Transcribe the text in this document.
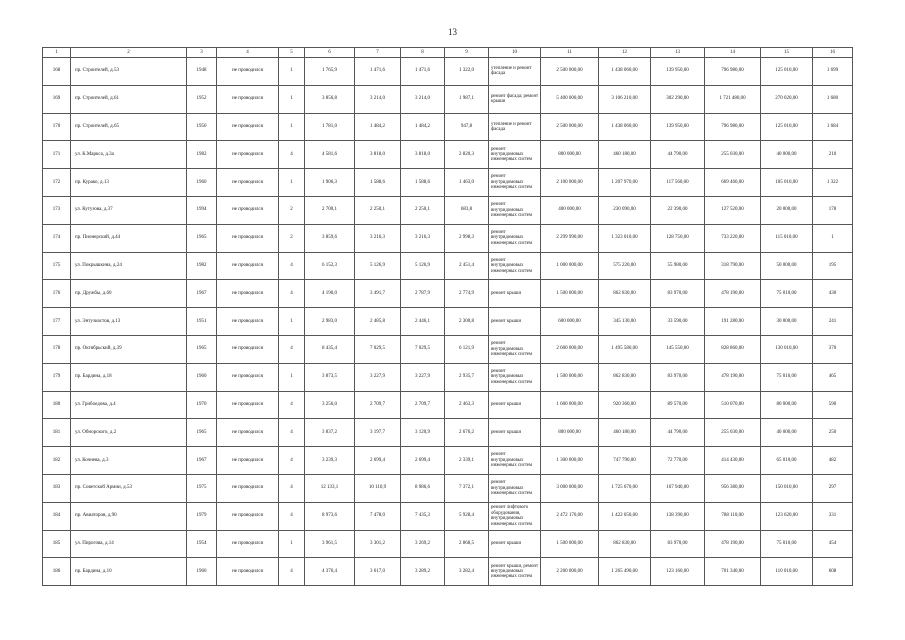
13
1	2	3	4	5	6	7	8	9	10	11	12	13	14	15	16
168	пр. Строителей, д.53	1948	не проводился	1	1 765,9	1 471,6	1 471,6	1 322,0	утепление и ремонт фасада	2 500 000,00	1 438 060,00	139 950,00	796 980,00	125 010,00	1 699
169	пр. Строителей, д.61	1952	не проводился	1	3 856,8	3 214,0	3 214,0	1 987,1	ремонт фасада; ремонт крыши	5 400 000,00	3 106 210,00	302 290,00	1 721 480,00	270 020,00	1 680
170	пр. Строителей, д.65	1950	не проводился	1	1 781,0	1 484,2	1 484,2	947,8	утепление и ремонт фасада	2 500 000,00	1 438 060,00	139 950,00	796 980,00	125 010,00	1 684
171	ул. К.Маркса, д.3а	1982	не проводился	4	4 581,6	3 818,0	3 818,0	2 820,3	ремонт внутридомовых инженерных систем	800 000,00	460 180,00	44 790,00	255 030,00	40 000,00	210
172	пр. Курако, д.13	1960	не проводился	1	1 906,3	1 588,6	1 588,6	1 463,0	ремонт внутридомовых инженерных систем	2 100 000,00	1 207 970,00	117 560,00	669 460,00	105 010,00	1 322
173	ул. Кутузова, д.37	1994	не проводился	2	2 700,1	2 250,1	2 250,1	683,8	ремонт внутридомовых инженерных систем	400 000,00	230 090,00	22 390,00	127 520,00	20 000,00	178
174	пр. Пионерский, д.44	1965	не проводился	2	3 859,6	3 216,3	3 216,3	2 998,3	ремонт внутридомовых инженерных систем	2 299 990,00	1 323 010,00	128 750,00	733 220,00	115 010,00	1
175	ул. Покрышкина, д.24	1982	не проводился	4	6 152,3	5 126,9	5 126,9	2 451,4	ремонт внутридомовых инженерных систем	1 000 000,00	575 220,00	55 980,00	318 790,00	50 000,00	195
176	пр. Дружбы, д.60	1967	не проводился	4	4 190,0	3 491,7	2 787,9	2 774,9	ремонт крыши	1 500 000,00	862 830,00	83 970,00	478 190,00	75 010,00	430
177	ул. Энтузиастов, д.13	1951	не проводился	1	2 983,0	2 485,8	2 446,1	2 300,8	ремонт крыши	600 000,00	345 130,00	33 590,00	191 280,00	30 000,00	241
178	пр. Октябрьский, д.39	1965	не проводился	4	8 435,4	7 029,5	7 029,5	6 121,9	ремонт внутридомовых инженерных систем	2 600 000,00	1 495 580,00	145 550,00	828 860,00	130 010,00	370
179	пр. Бардина, д.18	1960	не проводился	1	3 873,5	3 227,9	3 227,9	2 935,7	ремонт внутридомовых инженерных систем	1 500 000,00	862 830,00	83 970,00	478 190,00	75 010,00	465
180	ул. Грибоедова, д.4	1970	не проводился	4	3 256,0	2 709,7	2 709,7	2 463,3	ремонт крыши	1 600 000,00	920 360,00	89 570,00	510 070,00	80 000,00	590
181	ул. Обнорского, д.2	1965	не проводился	4	3 837,2	3 197,7	3 120,9	2 676,2	ремонт крыши	800 000,00	460 180,00	44 790,00	255 030,00	40 000,00	250
182	ул. Кочнева, д.3	1967	не проводился	4	3 239,3	2 699,4	2 699,4	2 339,1	ремонт внутридомовых инженерных систем	1 300 000,00	747 790,00	72 770,00	414 430,00	65 010,00	482
183	пр. Советской Армии, д.53	1975	не проводился	4	12 133,1	10 110,9	8 986,6	7 372,1	ремонт внутридомовых инженерных систем	3 000 000,00	1 725 670,00	167 940,00	956 380,00	150 010,00	297
184	пр. Авиаторов, д.90	1979	не проводился	4	8 973,6	7 478,0	7 435,3	5 928,4	ремонт лифтового оборудования, внутридомовых инженерных систем	2 472 170,00	1 422 050,00	138 390,00	788 110,00	123 620,00	331
185	ул. Пирогова, д.14	1954	не проводился	1	3 961,5	3 301,2	3 269,2	2 868,5	ремонт крыши	1 500 000,00	862 830,00	83 970,00	478 190,00	75 010,00	454
186	пр. Бардина, д.10	1960	не проводился	4	4 376,4	3 617,0	3 289,2	3 282,4	ремонт крыши, ремонт внутридомовых инженерных систем	2 200 000,00	1 265 490,00	123 160,00	701 340,00	110 010,00	608
